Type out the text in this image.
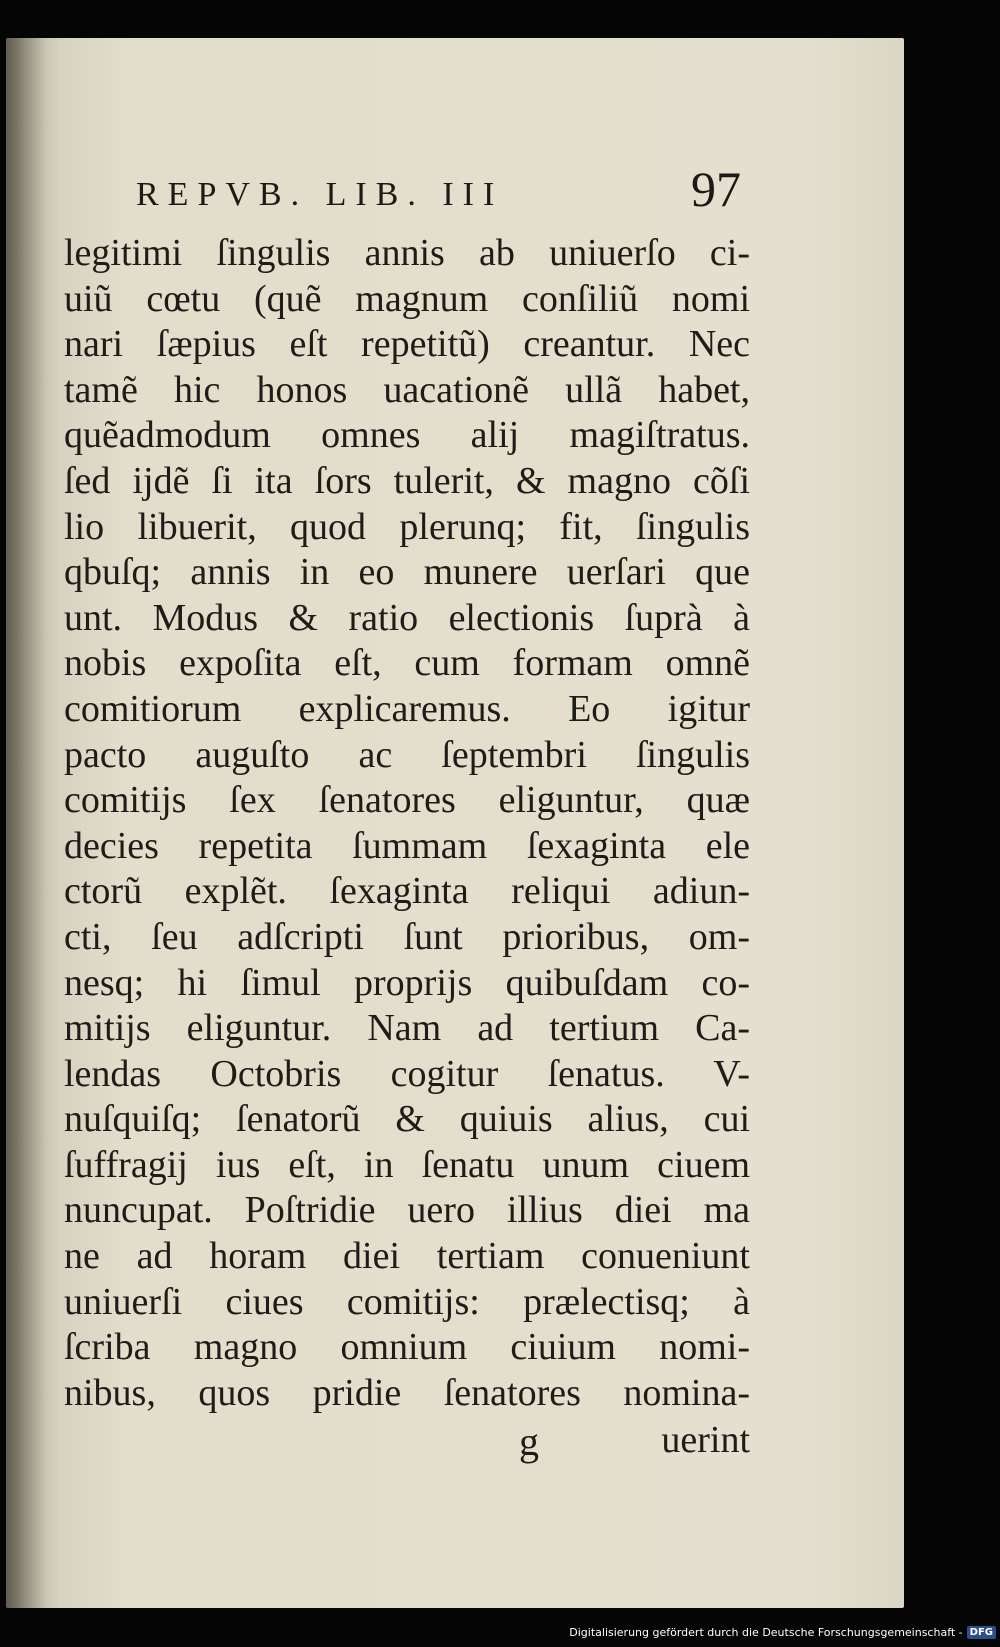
REPVB. LIB. III	97
legitimi ſingulis annis ab uniuerſo ci-
uiũ cœtu (quẽ magnum conſiliũ nomi
nari ſæpius eſt repetitũ) creantur. Nec
tamẽ hic honos uacationẽ ullã habet,
quẽadmodum omnes alij magiſtratus.
ſed ijdẽ ſi ita ſors tulerit, & magno cõſi
lio libuerit, quod plerunq; fit, ſingulis
qbuſq; annis in eo munere uerſari que
unt. Modus & ratio electionis ſuprà à
nobis expoſita eſt, cum formam omnẽ
comitiorum explicaremus. Eo igitur
pacto auguſto ac ſeptembri ſingulis
comitijs ſex ſenatores eliguntur, quæ
decies repetita ſummam ſexaginta ele
ctorũ explẽt. ſexaginta reliqui adiun-
cti, ſeu adſcripti ſunt prioribus, om-
nesq; hi ſimul proprijs quibuſdam co-
mitijs eliguntur. Nam ad tertium Ca-
lendas Octobris cogitur ſenatus. V-
nuſquiſq; ſenatorũ & quiuis alius, cui
ſuffragij ius eſt, in ſenatu unum ciuem
nuncupat. Poſtridie uero illius diei ma
ne ad horam diei tertiam conueniunt
uniuerſi ciues comitijs: prælectisq; à
ſcriba magno omnium ciuium nomi-
nibus, quos pridie ſenatores nomina-
g	uerint
Digitalisierung gefördert durch die Deutsche Forschungsgemeinschaft - DFG
